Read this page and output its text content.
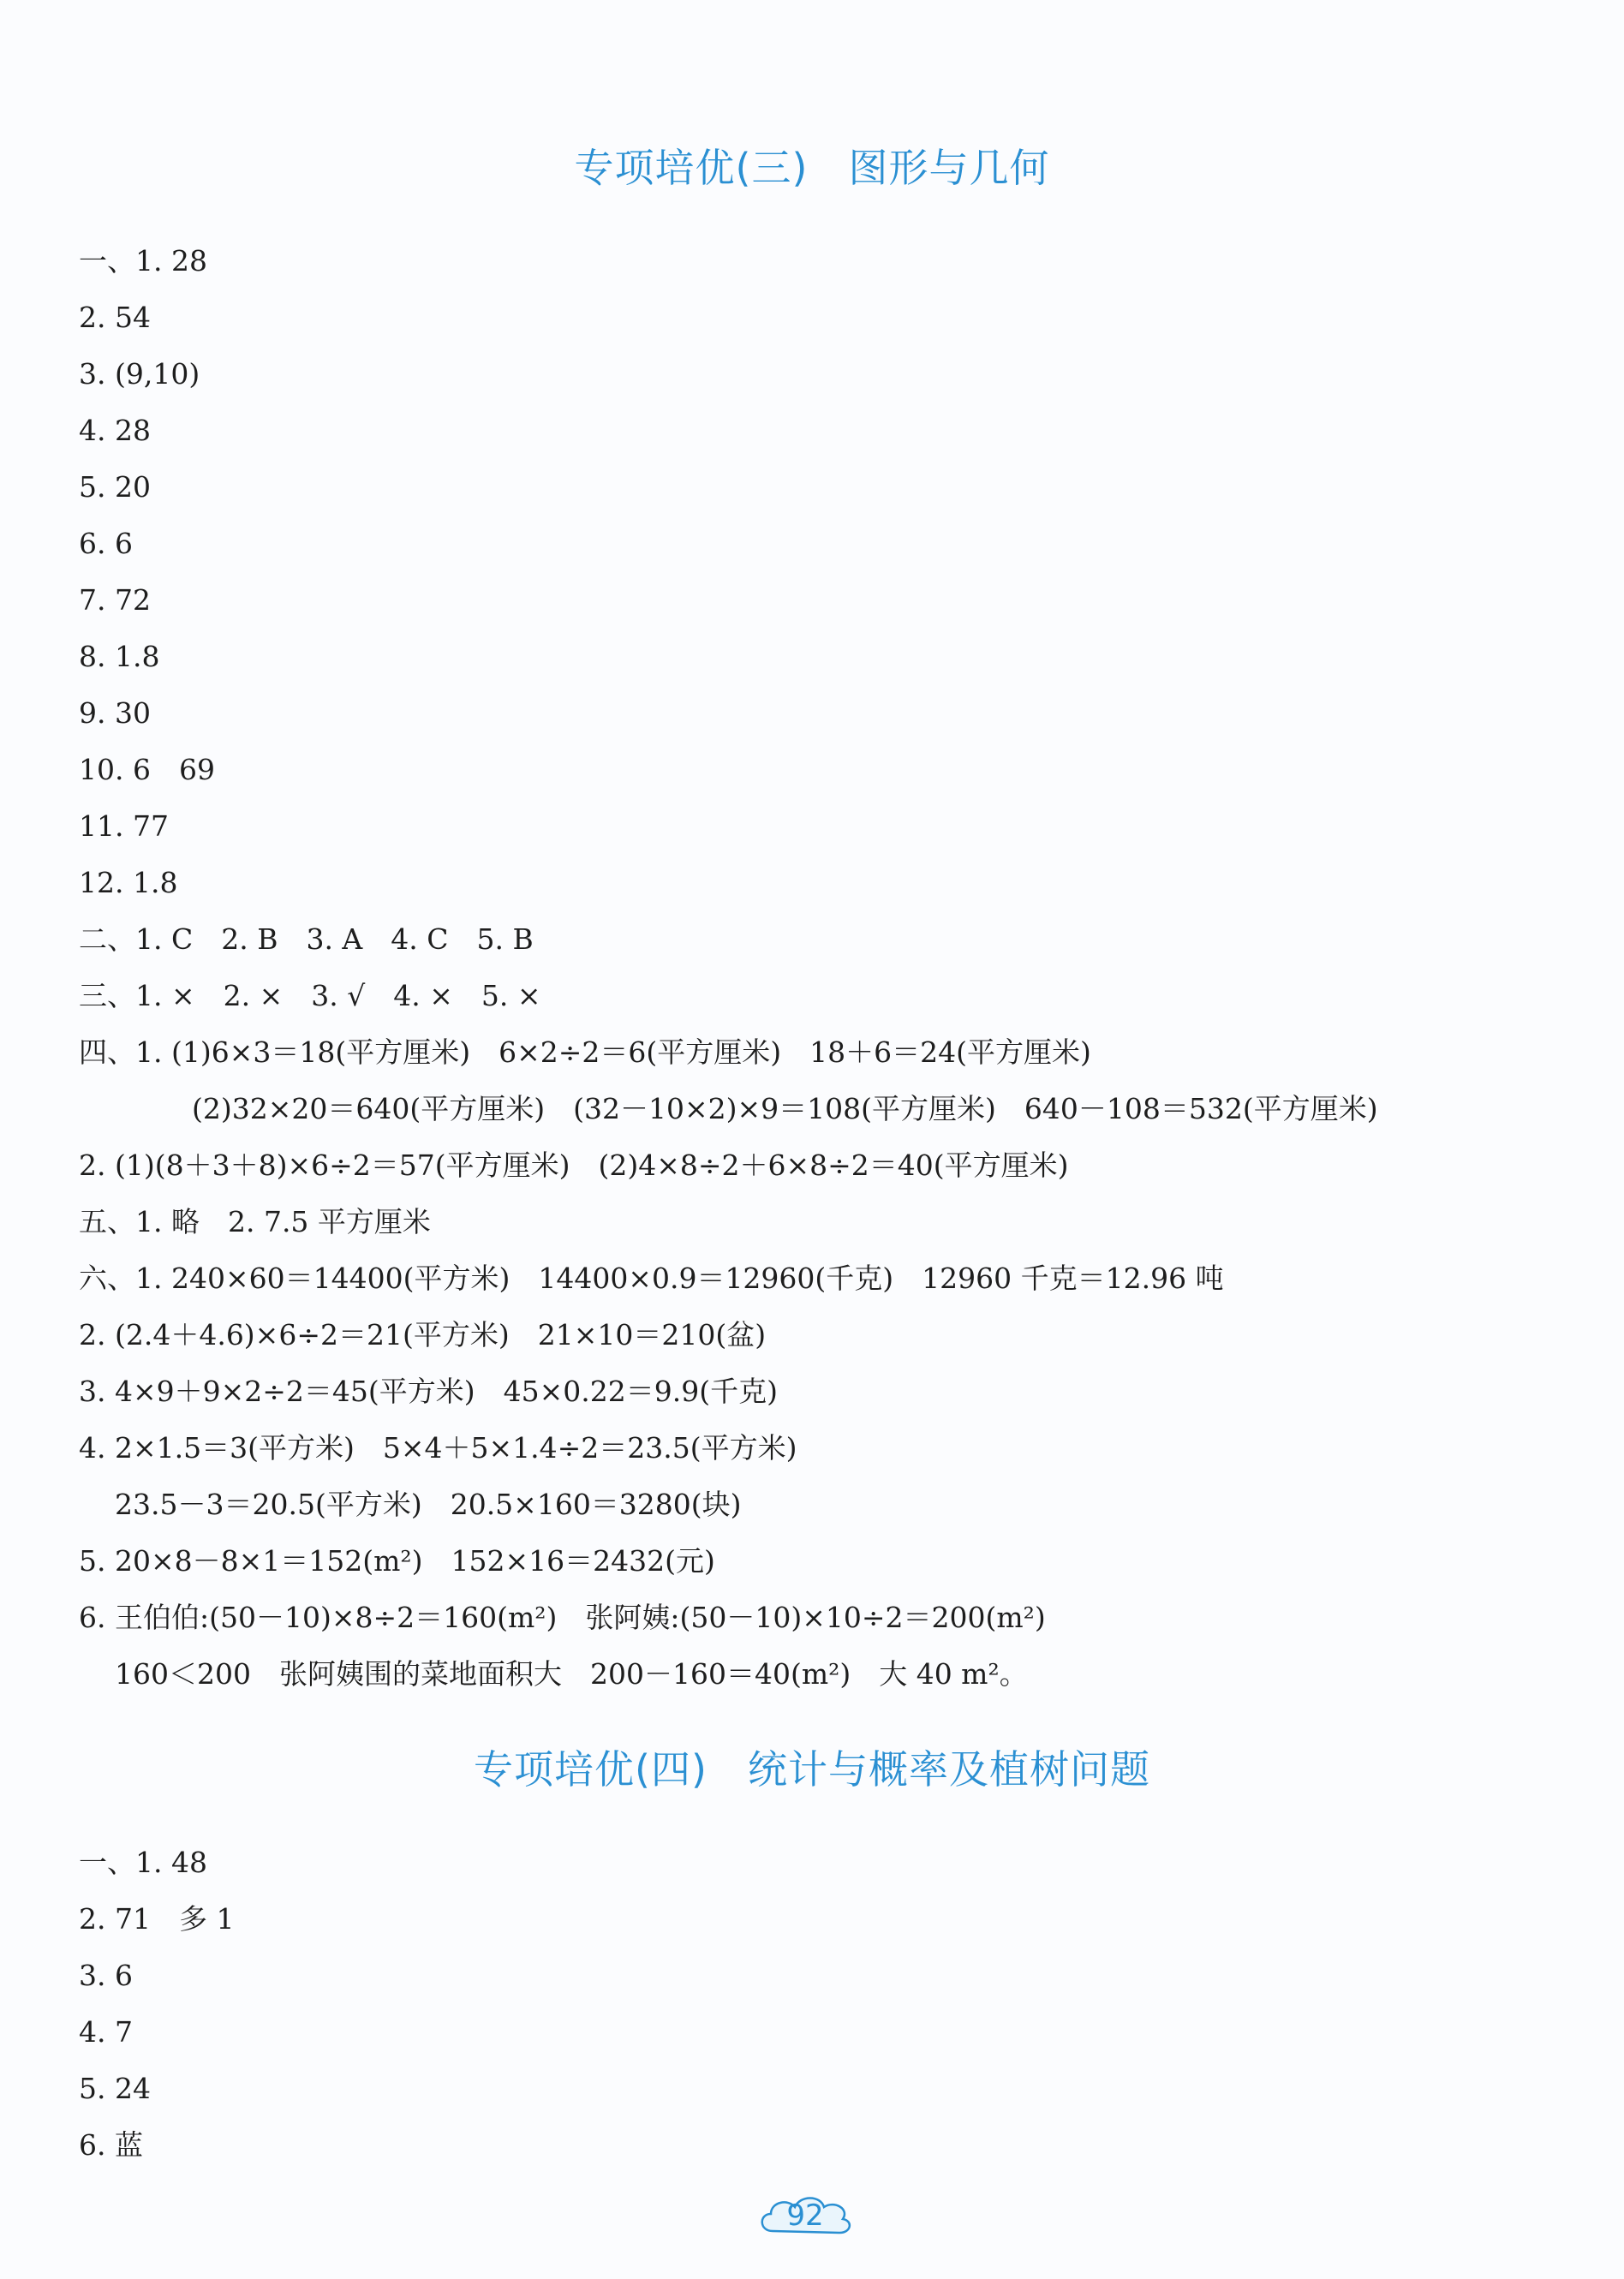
专项培优(三)　图形与几何
一、1. 28
2. 54
3. (9,10)
4. 28
5. 20
6. 6
7. 72
8. 1.8
9. 30
10. 6　69
11. 77
12. 1.8
二、1. C　2. B　3. A　4. C　5. B
三、1. ×　2. ×　3. √　4. ×　5. ×
四、1. (1)6×3＝18(平方厘米)　6×2÷2＝6(平方厘米)　18＋6＝24(平方厘米)
(2)32×20＝640(平方厘米)　(32－10×2)×9＝108(平方厘米)　640－108＝532(平方厘米)
2. (1)(8＋3＋8)×6÷2＝57(平方厘米)　(2)4×8÷2＋6×8÷2＝40(平方厘米)
五、1. 略　2. 7.5 平方厘米
六、1. 240×60＝14400(平方米)　14400×0.9＝12960(千克)　12960 千克＝12.96 吨
2. (2.4＋4.6)×6÷2＝21(平方米)　21×10＝210(盆)
3. 4×9＋9×2÷2＝45(平方米)　45×0.22＝9.9(千克)
4. 2×1.5＝3(平方米)　5×4＋5×1.4÷2＝23.5(平方米)
23.5－3＝20.5(平方米)　20.5×160＝3280(块)
5. 20×8－8×1＝152(m²)　152×16＝2432(元)
6. 王伯伯:(50－10)×8÷2＝160(m²)　张阿姨:(50－10)×10÷2＝200(m²)
160＜200　张阿姨围的菜地面积大　200－160＝40(m²)　大 40 m²。
专项培优(四)　统计与概率及植树问题
一、1. 48
2. 71　多 1
3. 6
4. 7
5. 24
6. 蓝
92
